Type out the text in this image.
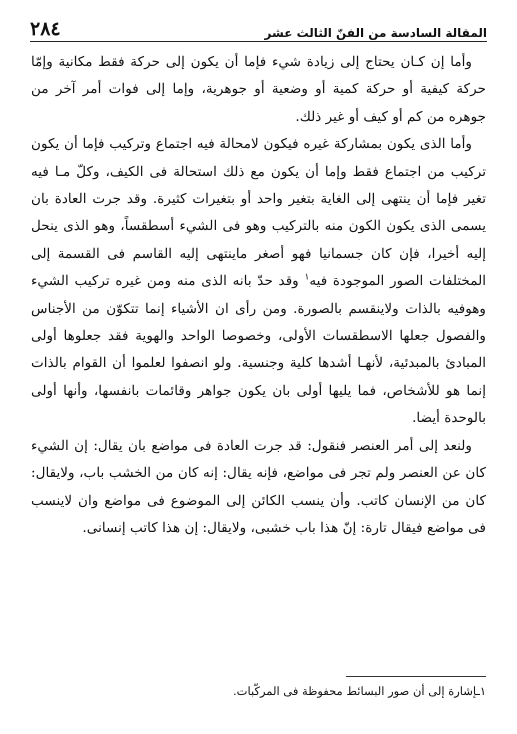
المقالة السادسة من الفنّ الثالث عشر
٢٨٤

وأما إن كـان يحتاج إلى زيادة شيء فإما أن يكون إلى حركة فقط مكانية وإمّا حركة كيفية أو حركة كمية أو وضعية أو جوهرية، وإما إلى فوات أمر آخر من جوهره من كم أو كيف أو غير ذلك.

وأما الذى يكون بمشاركة غيره فيكون لامحالة فيه اجتماع وتركيب فإما أن يكون تركيب من اجتماع فقط وإما أن يكون مع ذلك استحالة فى الكيف، وكلّ مـا فيه تغير فإما أن ينتهى إلى الغاية بتغير واحد أو بتغيرات كثيرة. وقد جرت العادة بان يسمى الذى يكون الكون منه بالتركيب وهو فى الشيء أسطقساً، وهو الذى ينحل إليه أخيرا، فإن كان جسمانيا فهو أصغر ماينتهى إليه القاسم فى القسمة إلى المختلفات الصور الموجودة فيه$^١$ وقد حدّ بانه الذى منه ومن غيره تركيب الشيء وهوفيه بالذات ولاينقسم بالصورة. ومن رأى ان الأشياء إنما تتكوّن من الأجناس والفصول جعلها الاسطقسات الأولى، وخصوصا الواحد والهوية فقد جعلوها أولى المبادئ بالمبدئية، لأنهـا أشدها كلية وجنسية. ولو انصفوا لعلموا أن القوام بالذات إنما هو للأشخاص، فما يليها أولى بان يكون جواهر وقائمات بانفسها، وأنها أولى بالوحدة أيضا.

ولنعد إلى أمر العنصر فنقول: قد جرت العادة فى مواضع بان يقال: إن الشيء كان عن العنصر ولم تجر فى مواضع، فإنه يقال: إنه كان من الخشب باب، ولايقال: كان من الإنسان كاتب. وأن ينسب الكائن إلى الموضوع فى مواضع وان لاينسب فى مواضع فيقال تارة: إنّ هذا باب خشبى، ولايقال: إن هذا كاتب إنسانى.

١ـإشارة إلى أن صور البسائط محفوظة فى المركّبات.
